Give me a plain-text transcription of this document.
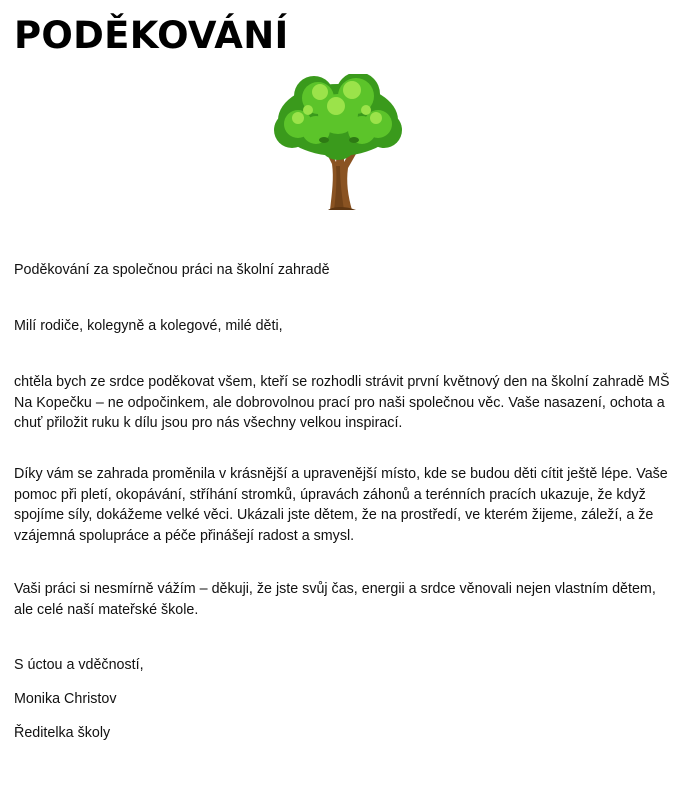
PODĚKOVÁNÍ

Poděkování za společnou práci na školní zahradě

Milí rodiče, kolegyně a kolegové, milé děti,

chtěla bych ze srdce poděkovat všem, kteří se rozhodli strávit první květnový den na školní zahradě MŠ Na Kopečku – ne odpočinkem, ale dobrovolnou prací pro naši společnou věc. Vaše nasazení, ochota a chuť přiložit ruku k dílu jsou pro nás všechny velkou inspirací.

Díky vám se zahrada proměnila v krásnější a upravenější místo, kde se budou děti cítit ještě lépe. Vaše pomoc při pletí, okopávání, stříhání stromků, úpravách záhonů a terénních pracích ukazuje, že když spojíme síly, dokážeme velké věci. Ukázali jste dětem, že na prostředí, ve kterém žijeme, záleží, a že vzájemná spolupráce a péče přinášejí radost a smysl.

Vaši práci si nesmírně vážím – děkuji, že jste svůj čas, energii a srdce věnovali nejen vlastním dětem, ale celé naší mateřské škole.

S úctou a vděčností,

Monika Christov

Ředitelka školy
